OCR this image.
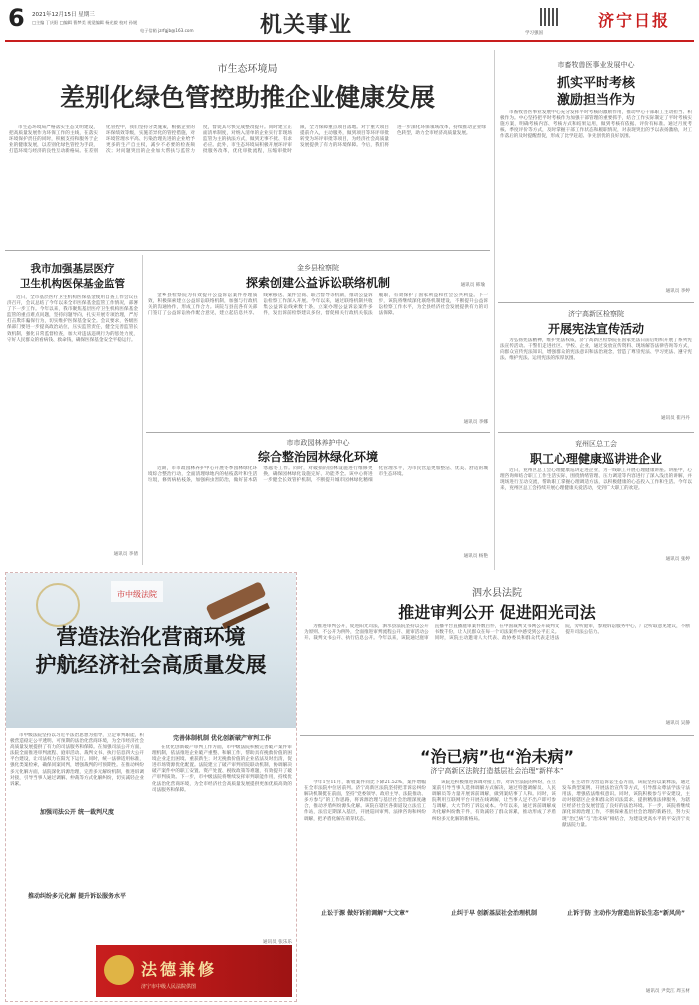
6 2021年12月15日 星期三
□主编 丁庆阳 □编辑 曹梦美 视觉编辑 杨光毅 校对 孙媛
电子信箱 jzrfgjb@163.com	机关事业	学习强国
济宁日报
市生态环境局
差别化绿色管控助推企业健康发展

市生态环境局严格落实生态文明建设，把高质量发展作为环保工作的主线，在落实环境保护责任的同时，积极支持和服务于企业的健康发展，以差别化绿色管控为手段，打造环境与经济的良性互动新格局。在差别化管控中，我们坚持分类施策，根据企业的环保绩效等级，实施差异化的管控措施，对环境管理水平高、污染治理先进的企业给予更多的生产自主权，减少不必要的检查频次；对问题突出的企业加大帮扶与监管力度，督促其尽快完成整改提升。同时建立正面清单制度，对纳入清单的企业实行非现场监管为主的执法方式，做到无事不扰、有求必应。此外，市生态环境局积极开展环评审批服务改革，优化审批流程，压缩审批时限，全力保障重点项目落地。对于重大项目提前介入，主动服务，做到项目等环评审批转变为环评审批等项目，为经济社会高质量发展提供了有力的环境保障。今后，我们将进一步深化环保领域改革，持续推动企业绿色转型，助力全市经济高质量发展。

通讯员 韩瑜
市畜牧兽医事业发展中心
抓实平时考核
激励担当作为

市畜牧兽医事业发展中心充分发挥平时考核的激励作用，推动中心干部职工主动担当、积极作为。中心坚持把平时考核作为加强干部管理的重要抓手，结合工作实际制定了平时考核实施方案，明确考核内容、考核方式和结果运用，做到考核有依据、评价有标准。通过月度考核、季度评价等方式，及时掌握干部工作状态和履职情况，对表现突出的予以表扬激励，对工作落后的及时提醒督促，形成了比学赶超、争先创优的良好氛围。

通讯员 李婷
我市加强基层医疗
卫生机构医保基金监管

近日，全市基层医疗卫生机构医保基金使用自查工作会议在济召开，会议总结了今年以来全市医保基金监管工作情况，部署了下一步工作。今年以来，我市聚焦基层医疗卫生机构医保基金监管的重点难点问题，坚持问题导向，扎实开展专项治理，严厉打击欺诈骗保行为，切实维护医保基金安全。会议要求，各级医保部门要进一步提高政治站位，压实监管责任，健全完善监管长效机制，强化日常监督检查，加大对违法违规行为的惩处力度，守好人民群众的看病钱、救命钱，确保医保基金安全平稳运行。

通讯员 李倩
金乡县检察院
探索创建公益诉讼联络机制

金乡县检察院为有效提升公益诉讼案件办理质效，积极探索建立公益诉讼联络机制，加强与行政机关的沟通协作，形成工作合力。该院与县直各有关部门签订了公益诉讼协作配合意见，建立起信息共享、线索移送、案件会商、联合督导等机制，推动公益诉讼检察工作深入开展。今年以来，通过联络机制共收集公益诉讼线索数十条，立案办理公益诉讼案件多件，发出诉前检察建议多份，督促相关行政机关依法履职，有效保护了国家利益和社会公共利益。下一步，该院将继续深化联络机制建设，不断提升公益诉讼检察工作水平，为全县经济社会发展提供有力的司法保障。

通讯员 李娜
市市政园林养护中心
综合整治园林绿化环境

近期，市市政园林养护中心开展冬季园林绿化环境综合整治行动，全面清理绿地内的枯枝落叶和生活垃圾，修剪病枯枝条，加强病虫害防治，做好苗木防寒越冬工作。同时，对破损的园林设施进行维修更换，确保园林绿化设施完好、功能齐全。该中心将进一步健全长效管护机制，不断提升城市园林绿化精细化管理水平，为市民营造更加整洁、优美、舒适的城市生态环境。

通讯员 杨艳
济宁高新区检察院
开展宪法宣传活动

为弘扬宪法精神，维护宪法权威，济宁高新区检察院在国家宪法日前后组织开展了系列宪法宣传活动。干警们走进社区、学校、企业，通过发放宣传资料、现场解答法律咨询等方式，向群众宣传宪法知识，增强群众的宪法意识和法治观念，营造了尊崇宪法、学习宪法、遵守宪法、维护宪法、运用宪法的浓厚氛围。

通讯员 崔丹丹
兖州区总工会
职工心理健康巡讲进企业

近日，兖州区总工会心理健康巡讲走进企业，为一线职工开展心理健康讲座。讲座中，心理咨询师结合职工工作生活实际，围绕情绪管理、压力调适等内容进行了深入浅出的讲解，并现场进行互动交流，帮助职工掌握心理调适方法，以积极健康的心态投入工作和生活。今年以来，兖州区总工会持续开展心理健康关爱活动，受到广大职工的欢迎。

通讯员 张婷
市中级法院
营造法治化营商环境
护航经济社会高质量发展
加强司法公开 统一裁判尺度
推动纠纷多元化解 提升诉讼服务水平

市中级法院坚持以习近平法治思想为指导，立足审判职能，积极营造稳定公平透明、可预期的法治化营商环境，为全市经济社会高质量发展提供了有力的司法服务和保障。在加强司法公开方面，法院全面推进审判流程、庭审活动、裁判文书、执行信息四大公开平台建设，让司法权力在阳光下运行。同时，统一法律适用标准，强化类案检索，确保同案同判，增强裁判的可预期性。在推动纠纷多元化解方面，法院深化诉源治理，完善多元解纷机制，推进诉调对接，引导当事人通过调解、仲裁等方式化解纠纷，切实减轻企业诉累。

完善体制机制 优化创新破产审判工作

在优化创新破产审判工作方面，市中级法院积极完善破产案件审理机制，依法推进企业破产重整、和解工作，帮助具有挽救价值的困境企业走出困境、重获新生；对无挽救价值的企业依法及时出清，促进市场资源优化配置。法院建立了破产审判府院联动机制，协调解决破产案件中的职工安置、资产处置、税收政策等难题，有效提升了破产审判质效。下一步，市中级法院将继续发挥审判职能作用，持续优化法治化营商环境，为全市经济社会高质量发展提供更加优质高效的司法服务和保障。

通讯员 张乐乐
法德兼修
济宁市中级人民法院供图
泗水县法院
推进审判公开 促进阳光司法

为推进审判公开，促进阳光司法，泗水县法院坚持以公开为原则、不公开为例外，全面推进审判流程公开、庭审活动公开、裁判文书公开、执行信息公开。今年以来，该院通过庭审直播平台直播庭审案件数百件，在中国裁判文书网公开裁判文书数千份，让人民群众在每一个司法案件中感受到公平正义。同时，该院主动邀请人大代表、政协委员和群众代表走进法院，旁听庭审，参观诉讼服务中心，广泛听取意见建议，不断提升司法公信力。

通讯员 吴静
“治已病”也“治未病”
济宁高新区法院打造基层社会治理“新样本”

今年1至11月，新收案件同比下降21.52%，案件增幅在全市法院中位居前列。济宁高新区法院坚持把非诉讼纠纷解决机制挺在前面，坚持“党委领导、政府主导、法院推动、多方参与”的工作思路，将诉源治理与基层社会治理深度融合，推动矛盾纠纷源头化解。该院在辖区各街道设立法官工作站，法官定期深入基层，开展巡回审判、法律咨询和纠纷调解，把矛盾化解在萌芽状态。

止讼于源 做好诉前调解“大文章”

该院还积极推进诉调对接工作，对诉至法院的纠纷，在立案前引导当事人选择调解方式解决，通过特邀调解员、人民调解员等力量开展诉前调解，做到案结事了人和。同时，该院利用互联网平台开展在线调解，让当事人足不出户即可参与调解，大大节约了诉讼成本。今年以来，通过诉前调解成功化解纠纷数千件，有效减轻了群众诉累，推动形成了矛盾纠纷多元化解的新格局。

止纠于早 创新基层社会治理机制

在主动作为营造诉讼生态方面，该院坚持以案释法，通过发布典型案例、开展法治宣传等方式，引导群众尊法学法守法用法，增强依法维权意识。同时，该院积极参与平安建设，主动对接辖区企业和群众的司法需求，提供精准法律服务，为辖区经济社会发展营造了良好的法治环境。下一步，该院将继续深化诉源治理工作，不断探索基层社会治理的新路径，努力实现“治已病”与“治未病”相结合，为建设更高水平的平安济宁贡献法院力量。

止诉于防 主动作为营造出诉讼生态“新风尚”
通讯员 尹奕江 周玉材
